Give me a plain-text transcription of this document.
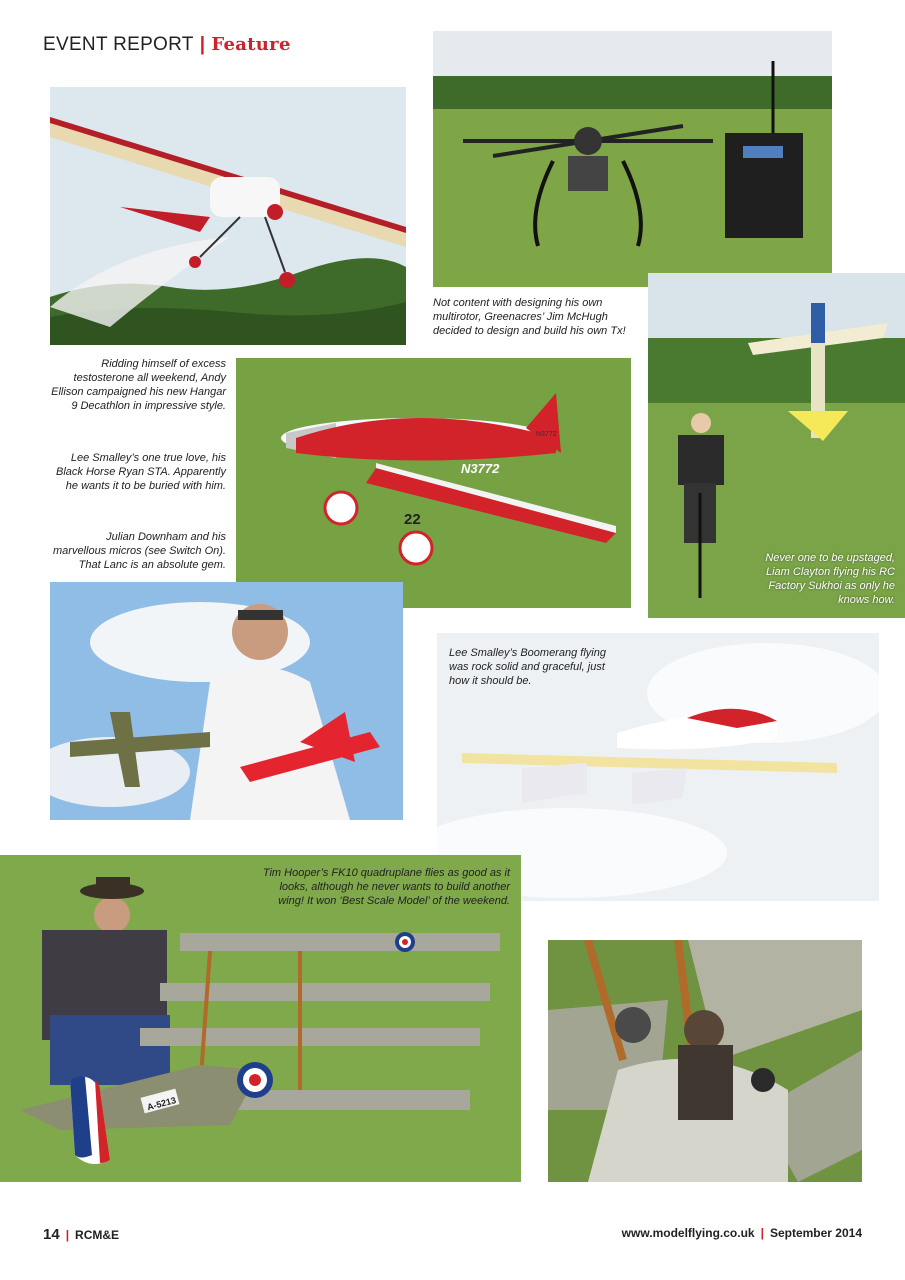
EVENT REPORT | Feature
Not content with designing his own multirotor, Greenacres’ Jim McHugh decided to design and build his own Tx!
Never one to be upstaged, Liam Clayton flying his RC Factory Sukhoi as only he knows how.
Ridding himself of excess testosterone all weekend, Andy Ellison campaigned his new Hangar 9 Decathlon in impressive style.
Lee Smalley’s one true love, his Black Horse Ryan STA. Apparently he wants it to be buried with him.
Julian Downham and his marvellous micros (see Switch On). That Lanc is an absolute gem.
N3772
N3772
22
Lee Smalley’s Boomerang flying was rock solid and graceful, just how it should be.
A-5213
Tim Hooper’s FK10 quadruplane flies as good as it looks, although he never wants to build another wing! It won ‘Best Scale Model’ of the weekend.
14 | RCM&E	www.modelflying.co.uk | September 2014
